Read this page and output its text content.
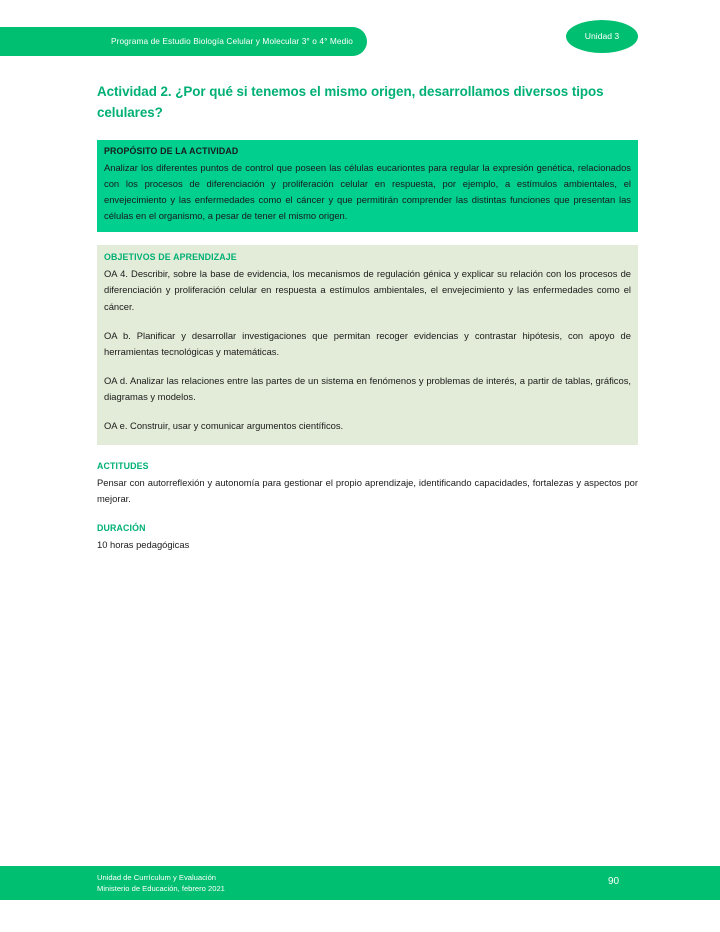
Programa de Estudio Biología Celular y Molecular 3° o 4° Medio	Unidad 3
Actividad 2. ¿Por qué si tenemos el mismo origen, desarrollamos diversos tipos celulares?
PROPÓSITO DE LA ACTIVIDAD
Analizar los diferentes puntos de control que poseen las células eucariontes para regular la expresión genética, relacionados con los procesos de diferenciación y proliferación celular en respuesta, por ejemplo, a estímulos ambientales, el envejecimiento y las enfermedades como el cáncer y que permitirán comprender las distintas funciones que presentan las células en el organismo, a pesar de tener el mismo origen.
OBJETIVOS DE APRENDIZAJE

OA 4. Describir, sobre la base de evidencia, los mecanismos de regulación génica y explicar su relación con los procesos de diferenciación y proliferación celular en respuesta a estímulos ambientales, el envejecimiento y las enfermedades como el cáncer.

OA b. Planificar y desarrollar investigaciones que permitan recoger evidencias y contrastar hipótesis, con apoyo de herramientas tecnológicas y matemáticas.

OA d. Analizar las relaciones entre las partes de un sistema en fenómenos y problemas de interés, a partir de tablas, gráficos, diagramas y modelos.

OA e. Construir, usar y comunicar argumentos científicos.

ACTITUDES
Pensar con autorreflexión y autonomía para gestionar el propio aprendizaje, identificando capacidades, fortalezas y aspectos por mejorar.
DURACIÓN
10 horas pedagógicas
Unidad de Currículum y Evaluación
Ministerio de Educación, febrero 2021
90
